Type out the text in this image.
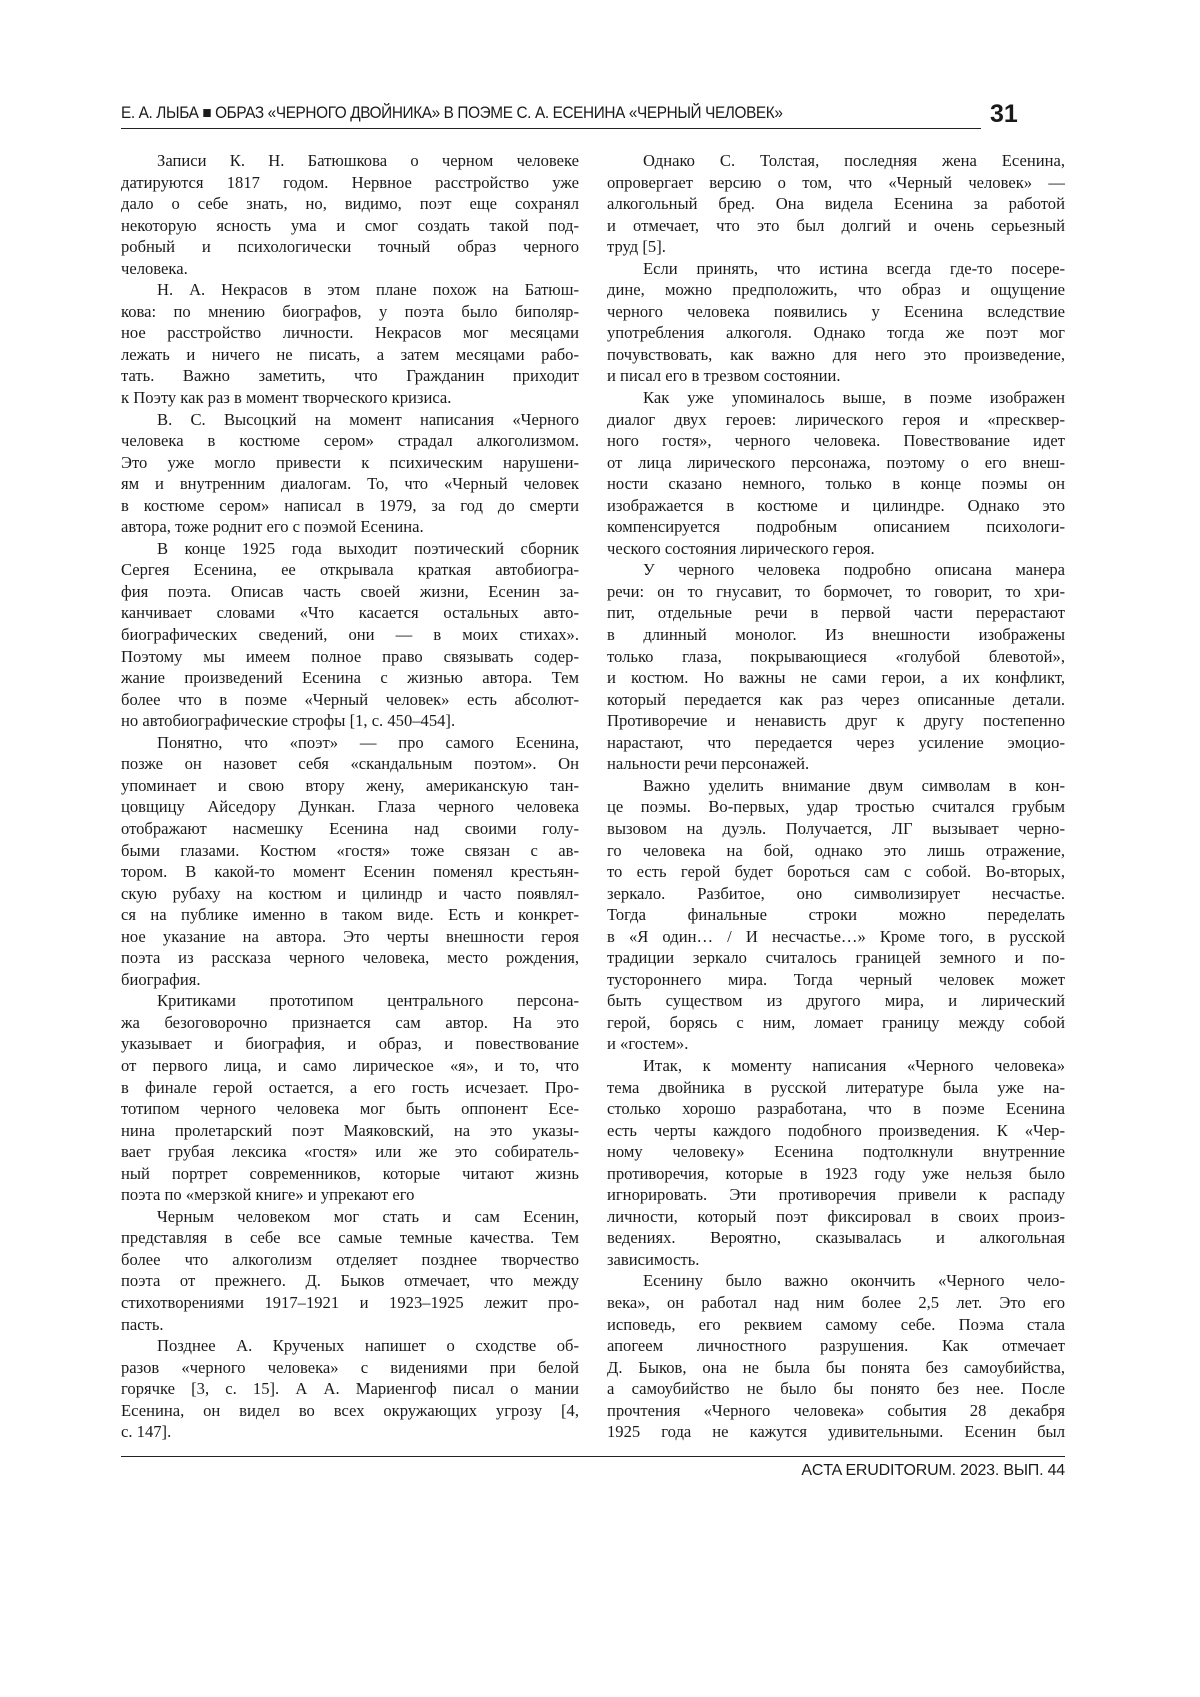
Е. А. ЛЫБА ■ ОБРАЗ «ЧЕРНОГО ДВОЙНИКА» В ПОЭМЕ С. А. ЕСЕНИНА «ЧЕРНЫЙ ЧЕЛОВЕК»	31
Записи К. Н. Батюшкова о черном человеке
датируются 1817 годом. Нервное расстройство уже
дало о себе знать, но, видимо, поэт еще сохранял
некоторую ясность ума и смог создать такой под-
робный и психологически точный образ черного
человека.
Н. А. Некрасов в этом плане похож на Батюш-
кова: по мнению биографов, у поэта было биполяр-
ное расстройство личности. Некрасов мог месяцами
лежать и ничего не писать, а затем месяцами рабо-
тать. Важно заметить, что Гражданин приходит
к Поэту как раз в момент творческого кризиса.
В. С. Высоцкий на момент написания «Черного
человека в костюме сером» страдал алкоголизмом.
Это уже могло привести к психическим нарушени-
ям и внутренним диалогам. То, что «Черный человек
в костюме сером» написал в 1979, за год до смерти
автора, тоже роднит его с поэмой Есенина.
В конце 1925 года выходит поэтический сборник
Сергея Есенина, ее открывала краткая автобиогра-
фия поэта. Описав часть своей жизни, Есенин за-
канчивает словами «Что касается остальных авто-
биографических сведений, они — в моих стихах».
Поэтому мы имеем полное право связывать содер-
жание произведений Есенина с жизнью автора. Тем
более что в поэме «Черный человек» есть абсолют-
но автобиографические строфы [1, с. 450–454].
Понятно, что «поэт» — про самого Есенина,
позже он назовет себя «скандальным поэтом». Он
упоминает и свою втору жену, американскую тан-
цовщицу Айседору Дункан. Глаза черного человека
отображают насмешку Есенина над своими голу-
быми глазами. Костюм «гостя» тоже связан с ав-
тором. В какой-то момент Есенин поменял крестьян-
скую рубаху на костюм и цилиндр и часто появлял-
ся на публике именно в таком виде. Есть и конкрет-
ное указание на автора. Это черты внешности героя
поэта из рассказа черного человека, место рождения,
биография.
Критиками прототипом центрального персона-
жа безоговорочно признается сам автор. На это
указывает и биография, и образ, и повествование
от первого лица, и само лирическое «я», и то, что
в финале герой остается, а его гость исчезает. Про-
тотипом черного человека мог быть оппонент Есе-
нина пролетарский поэт Маяковский, на это указы-
вает грубая лексика «гостя» или же это собиратель-
ный портрет современников, которые читают жизнь
поэта по «мерзкой книге» и упрекают его
Черным человеком мог стать и сам Есенин,
представляя в себе все самые темные качества. Тем
более что алкоголизм отделяет позднее творчество
поэта от прежнего. Д. Быков отмечает, что между
стихотворениями 1917–1921 и 1923–1925 лежит про-
пасть.
Позднее А. Крученых напишет о сходстве об-
разов «черного человека» с видениями при белой
горячке [3, с. 15]. А А. Мариенгоф писал о мании
Есенина, он видел во всех окружающих угрозу [4,
с. 147].
Однако С. Толстая, последняя жена Есенина,
опровергает версию о том, что «Черный человек» —
алкогольный бред. Она видела Есенина за работой
и отмечает, что это был долгий и очень серьезный
труд [5].
Если принять, что истина всегда где-то посере-
дине, можно предположить, что образ и ощущение
черного человека появились у Есенина вследствие
употребления алкоголя. Однако тогда же поэт мог
почувствовать, как важно для него это произведение,
и писал его в трезвом состоянии.
Как уже упоминалось выше, в поэме изображен
диалог двух героев: лирического героя и «пресквер-
ного гостя», черного человека. Повествование идет
от лица лирического персонажа, поэтому о его внеш-
ности сказано немного, только в конце поэмы он
изображается в костюме и цилиндре. Однако это
компенсируется подробным описанием психологи-
ческого состояния лирического героя.
У черного человека подробно описана манера
речи: он то гнусавит, то бормочет, то говорит, то хри-
пит, отдельные речи в первой части перерастают
в длинный монолог. Из внешности изображены
только глаза, покрывающиеся «голубой блевотой»,
и костюм. Но важны не сами герои, а их конфликт,
который передается как раз через описанные детали.
Противоречие и ненависть друг к другу постепенно
нарастают, что передается через усиление эмоцио-
нальности речи персонажей.
Важно уделить внимание двум символам в кон-
це поэмы. Во-первых, удар тростью считался грубым
вызовом на дуэль. Получается, ЛГ вызывает черно-
го человека на бой, однако это лишь отражение,
то есть герой будет бороться сам с собой. Во-вторых,
зеркало. Разбитое, оно символизирует несчастье.
Тогда финальные строки можно переделать
в «Я один… / И несчастье…» Кроме того, в русской
традиции зеркало считалось границей земного и по-
тустороннего мира. Тогда черный человек может
быть существом из другого мира, и лирический
герой, борясь с ним, ломает границу между собой
и «гостем».
Итак, к моменту написания «Черного человека»
тема двойника в русской литературе была уже на-
столько хорошо разработана, что в поэме Есенина
есть черты каждого подобного произведения. К «Чер-
ному человеку» Есенина подтолкнули внутренние
противоречия, которые в 1923 году уже нельзя было
игнорировать. Эти противоречия привели к распаду
личности, который поэт фиксировал в своих произ-
ведениях. Вероятно, сказывалась и алкогольная
зависимость.
Есенину было важно окончить «Черного чело-
века», он работал над ним более 2,5 лет. Это его
исповедь, его реквием самому себе. Поэма стала
апогеем личностного разрушения. Как отмечает
Д. Быков, она не была бы понята без самоубийства,
а самоубийство не было бы понято без нее. После
прочтения «Черного человека» события 28 декабря
1925 года не кажутся удивительными. Есенин был
ACTA ERUDITORUM. 2023. ВЫП. 44
